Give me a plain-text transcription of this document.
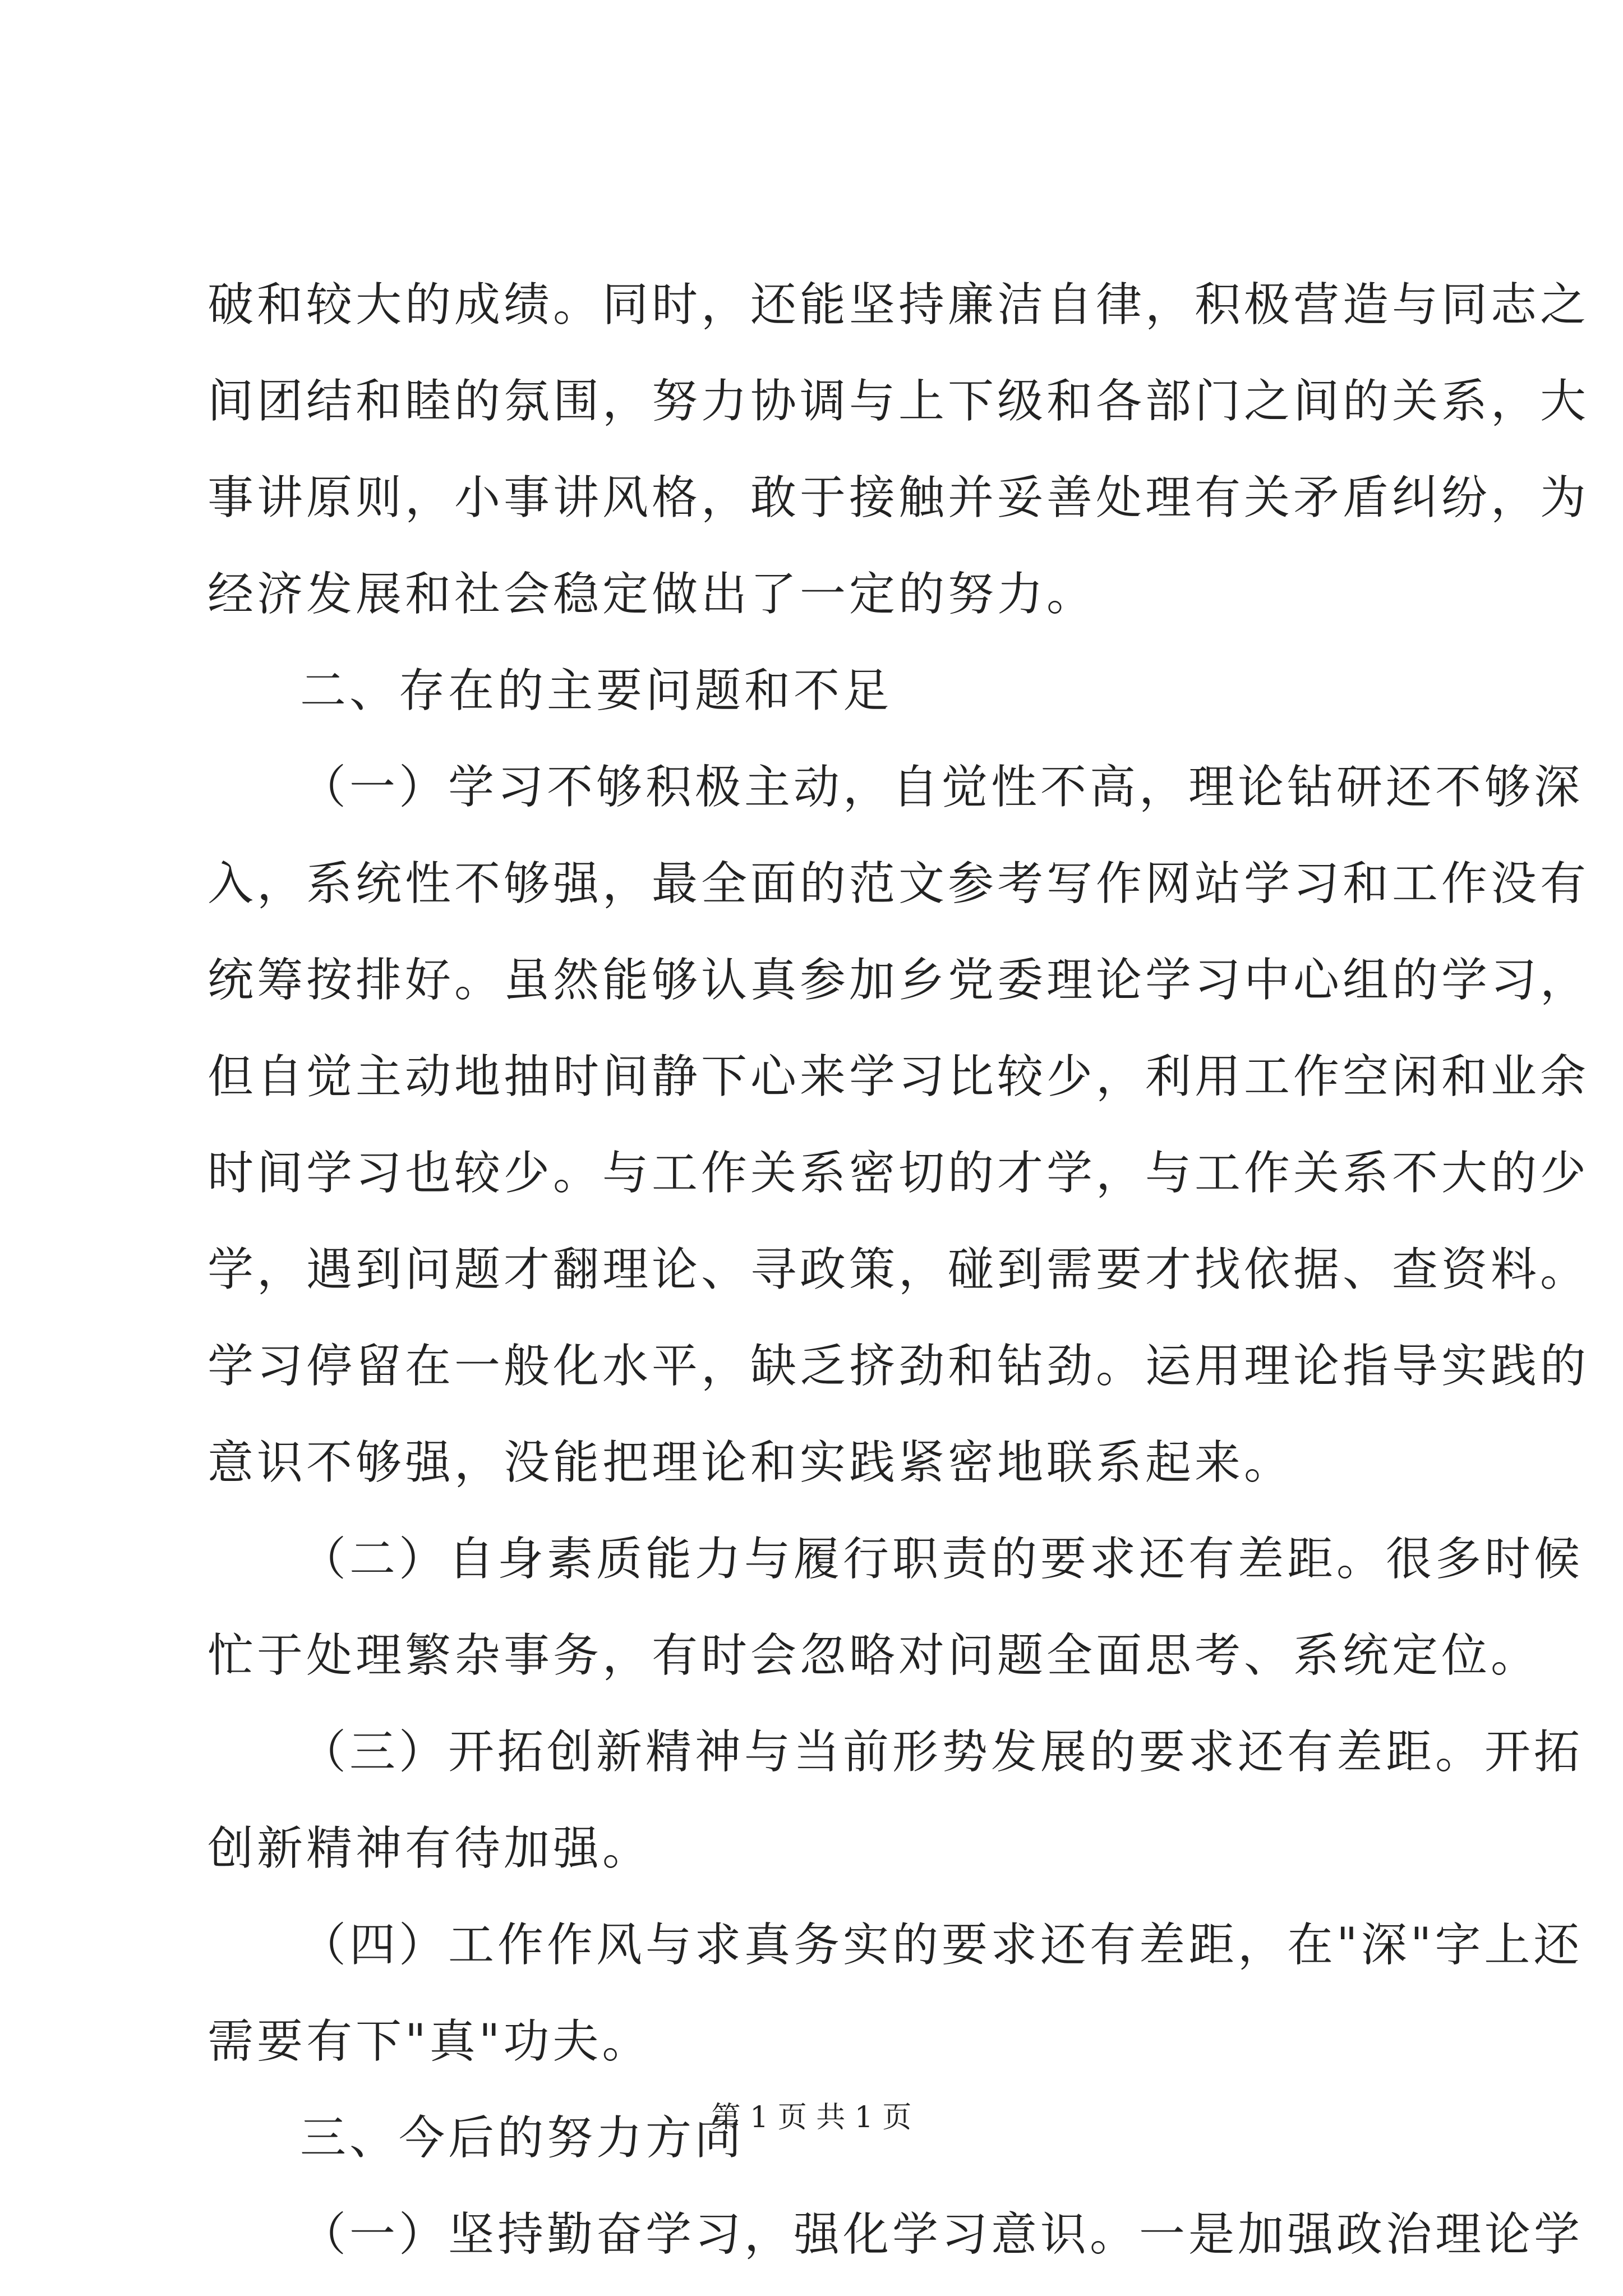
破和较大的成绩。同时，还能坚持廉洁自律，积极营造与同志之
间团结和睦的氛围，努力协调与上下级和各部门之间的关系，大
事讲原则，小事讲风格，敢于接触并妥善处理有关矛盾纠纷，为
经济发展和社会稳定做出了一定的努力。
二、存在的主要问题和不足
（一）学习不够积极主动，自觉性不高，理论钻研还不够深
入，系统性不够强，最全面的范文参考写作网站学习和工作没有
统筹按排好。虽然能够认真参加乡党委理论学习中心组的学习，
但自觉主动地抽时间静下心来学习比较少，利用工作空闲和业余
时间学习也较少。与工作关系密切的才学，与工作关系不大的少
学，遇到问题才翻理论、寻政策，碰到需要才找依据、查资料。
学习停留在一般化水平，缺乏挤劲和钻劲。运用理论指导实践的
意识不够强，没能把理论和实践紧密地联系起来。
（二）自身素质能力与履行职责的要求还有差距。很多时候
忙于处理繁杂事务，有时会忽略对问题全面思考、系统定位。
（三）开拓创新精神与当前形势发展的要求还有差距。开拓
创新精神有待加强。
（四）工作作风与求真务实的要求还有差距，在"深"字上还
需要有下"真"功夫。
三、今后的努力方向
（一）坚持勤奋学习，强化学习意识。一是加强政治理论学
第 1 页 共 1 页
